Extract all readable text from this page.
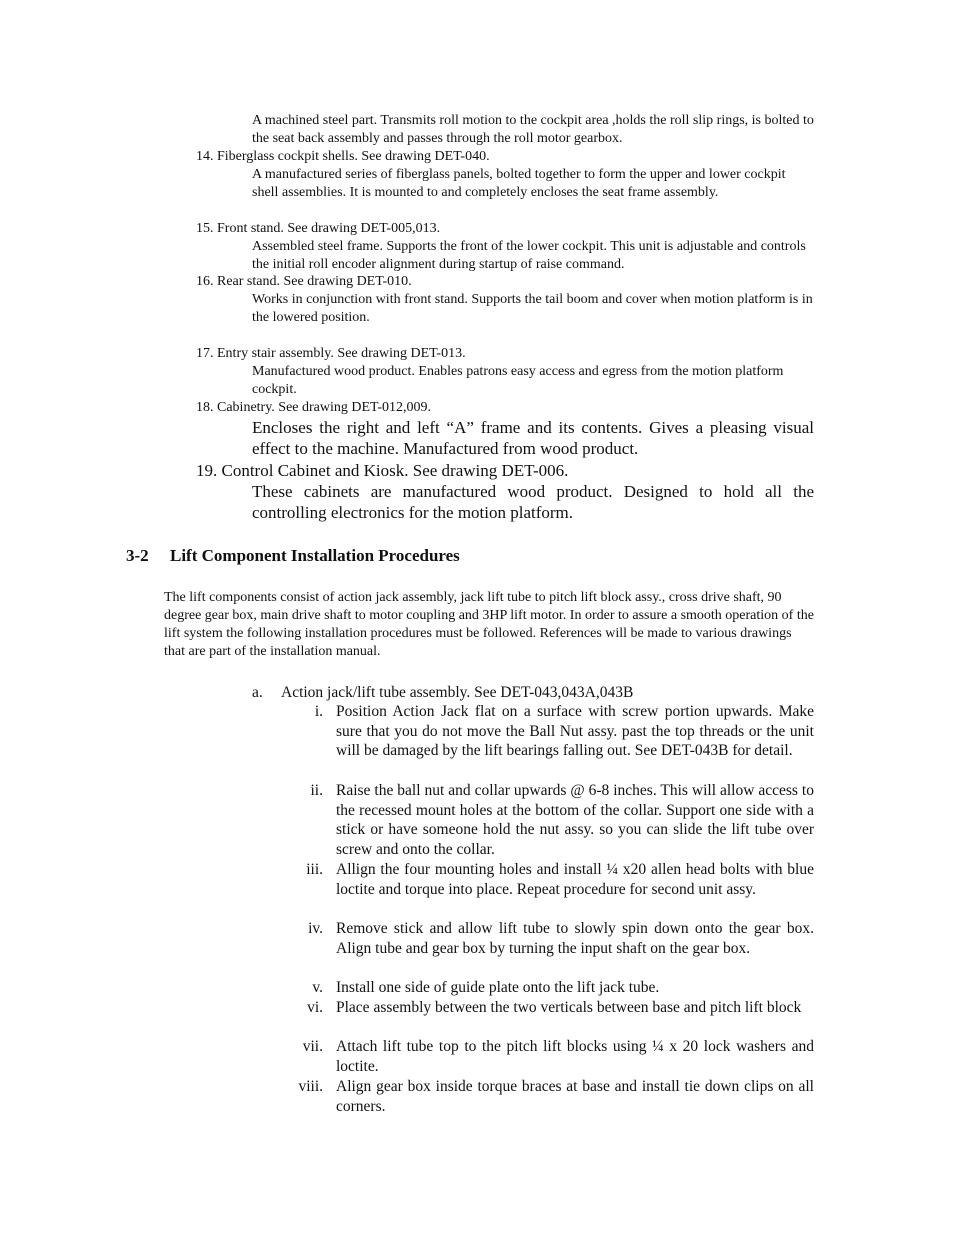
A machined steel part. Transmits roll motion to the cockpit area ,holds the roll slip rings, is bolted to the seat back assembly and passes through the roll motor gearbox.
14. Fiberglass cockpit shells. See drawing DET-040.
A manufactured series of fiberglass panels, bolted together to form the upper and lower cockpit shell assemblies. It is mounted to and completely encloses the seat frame assembly.
15. Front stand. See drawing DET-005,013.
Assembled steel frame. Supports the front of the lower cockpit. This unit is adjustable and controls the initial roll encoder alignment during startup of raise command.
16. Rear stand. See drawing DET-010.
Works in conjunction with front stand. Supports the tail boom and cover when motion platform is in the lowered position.
17. Entry stair assembly. See drawing DET-013.
Manufactured wood product. Enables patrons easy access and egress from the motion platform cockpit.
18. Cabinetry. See drawing DET-012,009.
Encloses the right and left “A” frame and its contents. Gives a pleasing visual effect to the machine. Manufactured from wood product.
19. Control Cabinet and Kiosk. See drawing DET-006.
These cabinets are manufactured wood product. Designed to hold all the controlling electronics for the motion platform.
3-2 Lift Component Installation Procedures
The lift components consist of action jack assembly, jack lift tube to pitch lift block assy., cross drive shaft, 90 degree gear box, main drive shaft to motor coupling and 3HP lift motor. In order to assure a smooth operation of the lift system the following installation procedures must be followed. References will be made to various drawings that are part of the installation manual.
a. Action jack/lift tube assembly. See DET-043,043A,043B
i. Position Action Jack flat on a surface with screw portion upwards. Make sure that you do not move the Ball Nut assy. past the top threads or the unit will be damaged by the lift bearings falling out. See DET-043B for detail.
ii. Raise the ball nut and collar upwards @ 6-8 inches. This will allow access to the recessed mount holes at the bottom of the collar. Support one side with a stick or have someone hold the nut assy. so you can slide the lift tube over screw and onto the collar.
iii. Allign the four mounting holes and install ¼ x20 allen head bolts with blue loctite and torque into place. Repeat procedure for second unit assy.
iv. Remove stick and allow lift tube to slowly spin down onto the gear box. Align tube and gear box by turning the input shaft on the gear box.
v. Install one side of guide plate onto the lift jack tube.
vi. Place assembly between the two verticals between base and pitch lift block
vii. Attach lift tube top to the pitch lift blocks using ¼ x 20 lock washers and loctite.
viii. Align gear box inside torque braces at base and install tie down clips on all corners.
